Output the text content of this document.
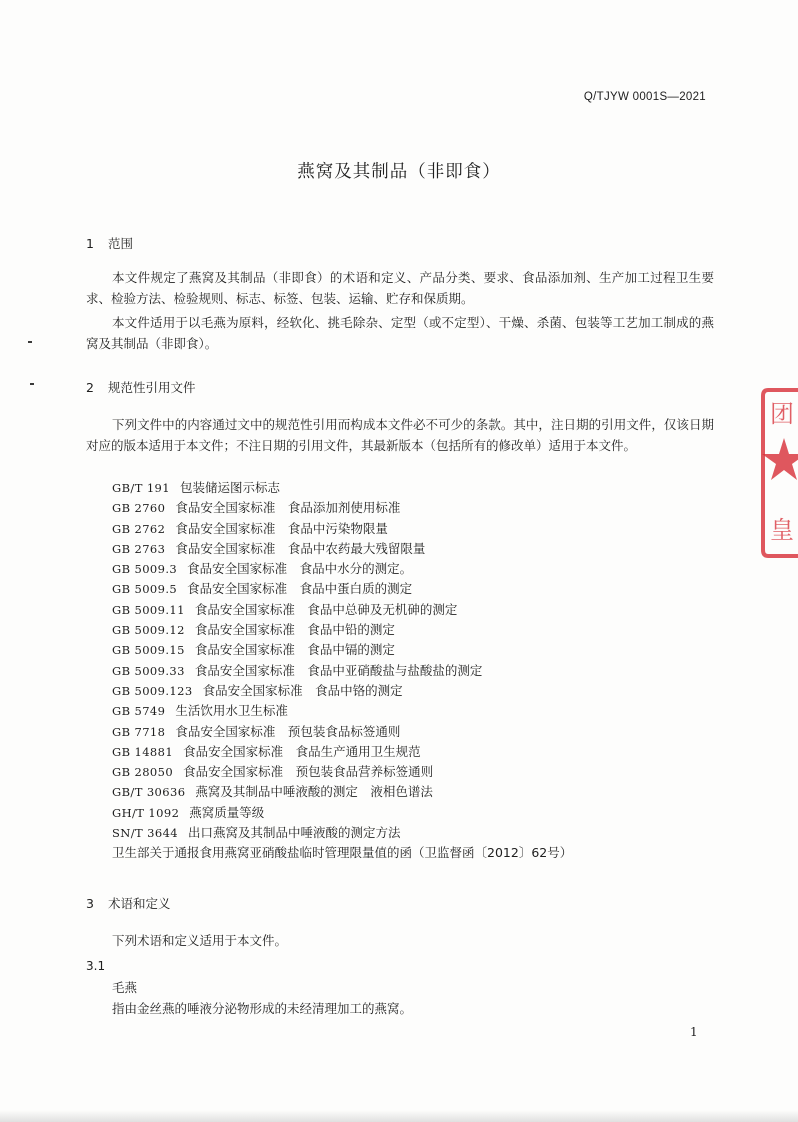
Q/TJYW 0001S—2021
燕窝及其制品（非即食）
1 范围
本文件规定了燕窝及其制品（非即食）的术语和定义、产品分类、要求、食品添加剂、生产加工过程卫生要求、检验方法、检验规则、标志、标签、包装、运输、贮存和保质期。
本文件适用于以毛燕为原料，经软化、挑毛除杂、定型（或不定型）、干燥、杀菌、包装等工艺加工制成的燕窝及其制品（非即食）。
2 规范性引用文件
下列文件中的内容通过文中的规范性引用而构成本文件必不可少的条款。其中，注日期的引用文件，仅该日期对应的版本适用于本文件；不注日期的引用文件，其最新版本（包括所有的修改单）适用于本文件。
GB/T 191 包装储运图示标志
GB 2760 食品安全国家标准　食品添加剂使用标准
GB 2762 食品安全国家标准　食品中污染物限量
GB 2763 食品安全国家标准　食品中农药最大残留限量
GB 5009.3 食品安全国家标准　食品中水分的测定。
GB 5009.5 食品安全国家标准　食品中蛋白质的测定
GB 5009.11 食品安全国家标准　食品中总砷及无机砷的测定
GB 5009.12 食品安全国家标准　食品中铅的测定
GB 5009.15 食品安全国家标准　食品中镉的测定
GB 5009.33 食品安全国家标准　食品中亚硝酸盐与盐酸盐的测定
GB 5009.123 食品安全国家标准　食品中铬的测定
GB 5749 生活饮用水卫生标准
GB 7718 食品安全国家标准　预包装食品标签通则
GB 14881 食品安全国家标准　食品生产通用卫生规范
GB 28050 食品安全国家标准　预包装食品营养标签通则
GB/T 30636 燕窝及其制品中唾液酸的测定　液相色谱法
GH/T 1092 燕窝质量等级
SN/T 3644 出口燕窝及其制品中唾液酸的测定方法
卫生部关于通报食用燕窝亚硝酸盐临时管理限量值的函（卫监督函〔2012〕62号）
3 术语和定义
下列术语和定义适用于本文件。
3.1
毛燕
指由金丝燕的唾液分泌物形成的未经清理加工的燕窝。
1
团
皇
